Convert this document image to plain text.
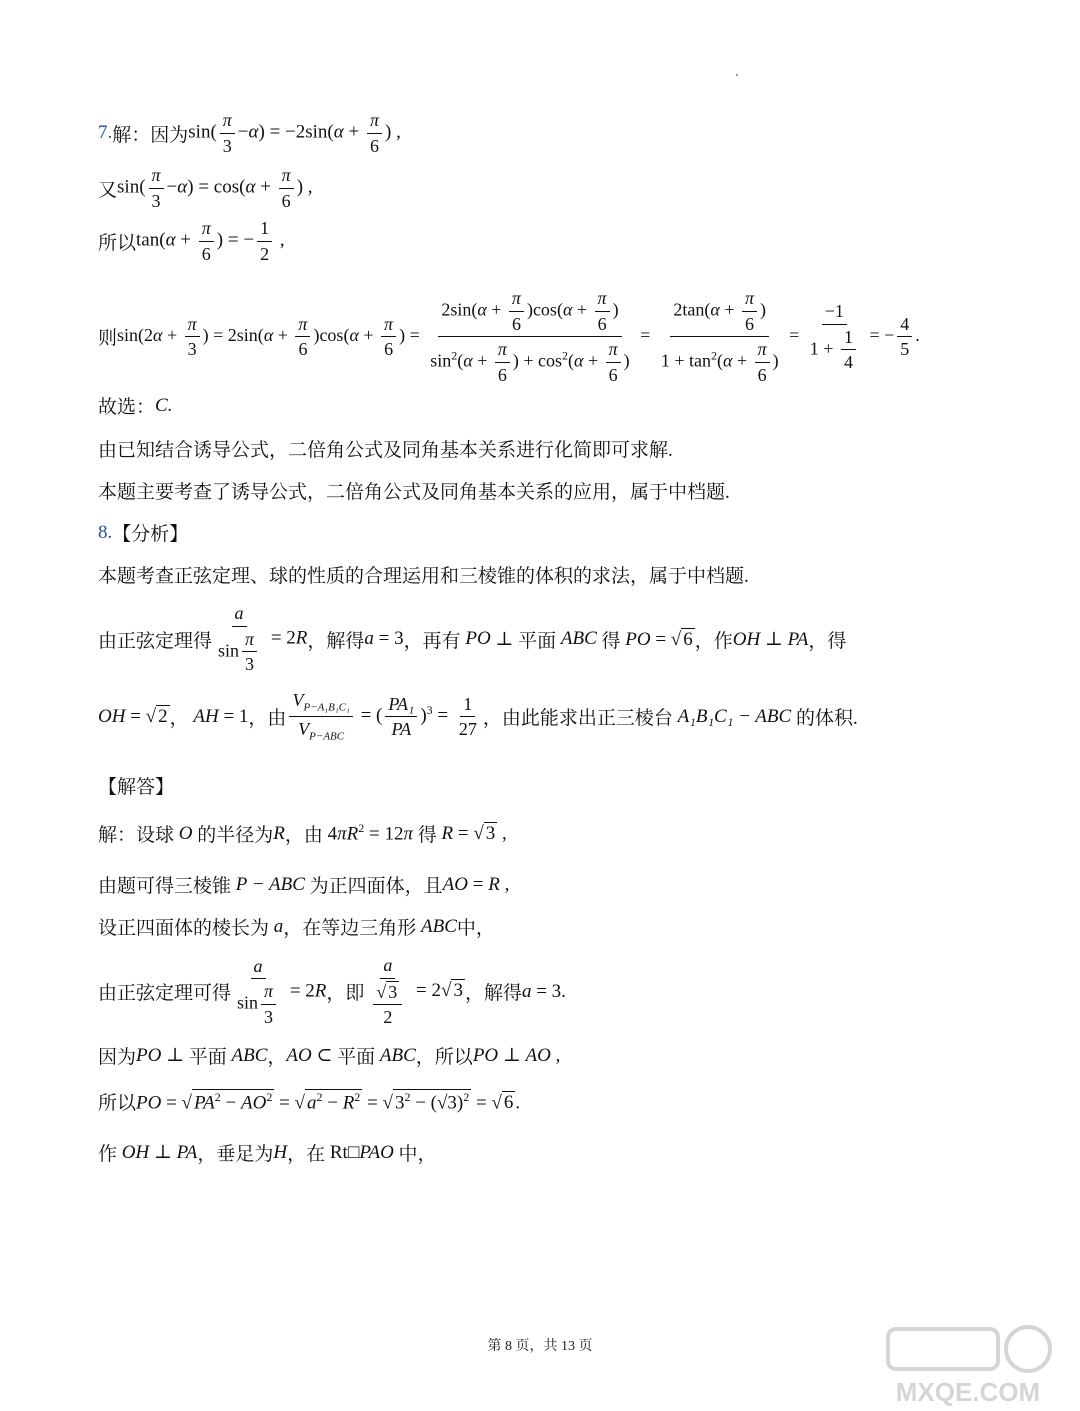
7. 解：因为 $\sin( \frac{\pi}{3} -\alpha) = -2\sin(\alpha + \frac{\pi}{6}$ ) ,
又 $\sin( \frac{\pi}{3} -\alpha) = \cos(\alpha + \frac{\pi}{6}$ ) ,
所以 $\tan(\alpha + \frac{\pi}{6}$ ) = − $\frac{1}{2}$ ,
则 $\sin(2\alpha + \frac{\pi}{3}$ ) = $2\sin(\alpha + \frac{\pi}{6} )\cos(\alpha + \frac{\pi}{6}$ ) = $\frac{2\sin(\alpha + \frac{\pi}{6} )\cos(\alpha + \frac{\pi}{6} )}{\sin^2(\alpha + \frac{\pi}{6} ) + \cos^2(\alpha + \frac{\pi}{6} )} = \frac{2\tan(\alpha + \frac{\pi}{6} )}{1 + \tan^2(\alpha + \frac{\pi}{6} )} = \frac{-1}{1 + \frac{1}{4}}$ = − $\frac{4}{5}$ .
故选： C.
由已知结合诱导公式，二倍角公式及同角基本关系进行化简即可求解.
本题主要考查了诱导公式，二倍角公式及同角基本关系的应用，属于中档题.
8. 【分析】
本题考查正弦定理、球的性质的合理运用和三棱锥的体积的求法，属于中档题.
由正弦定理得 $\frac{a}{\sin \frac{\pi}{3}} = 2R$ ，解得 a = 3 ，再有 PO ⊥ 平面
ABC
得 PO = √ 6 ，作 OH ⊥ PA ，得
OH = √ 2 ， AH = 1 ，由 $\frac{V_{P-A_1B_1C_1}}{V_{P-ABC}}$ = ( $\frac{\text{PA₁}}{PA} )^3 = \frac{1}{27}$ ，由此能求出正三棱台 A₁B₁C₁ − ABC 的体积.
【解答】
解：设球 O 的半径为 R ，由 $4\pi R^2 = 12\pi$ 得 R = √ 3 ,
由题可得三棱锥 P − ABC 为正四面体，且 AO = R ,
设正四面体的棱长为 a ，在等边三角形 ABC 中，
由正弦定理可得 $\frac{a}{\sin \frac{\pi}{3}} = 2R$ ，即 $\frac{a}{\frac{√ 3}{2}} = 2√$ 3 ，解得 a = 3.
因为 PO ⊥ 平面 ABC ， AO ⊂ 平面 ABC ，所以 PO ⊥ AO ,
所以 PO = √ $PA^2 - AO^2$ = √ $a^2 - R^2$ = √ $3^2 - (√3)^2$ = √ 6 .
作 OH ⊥ PA ，垂足为 H ，在 Rt□PAO 中，
第 8 页，共 13 页
MXQE.COM
